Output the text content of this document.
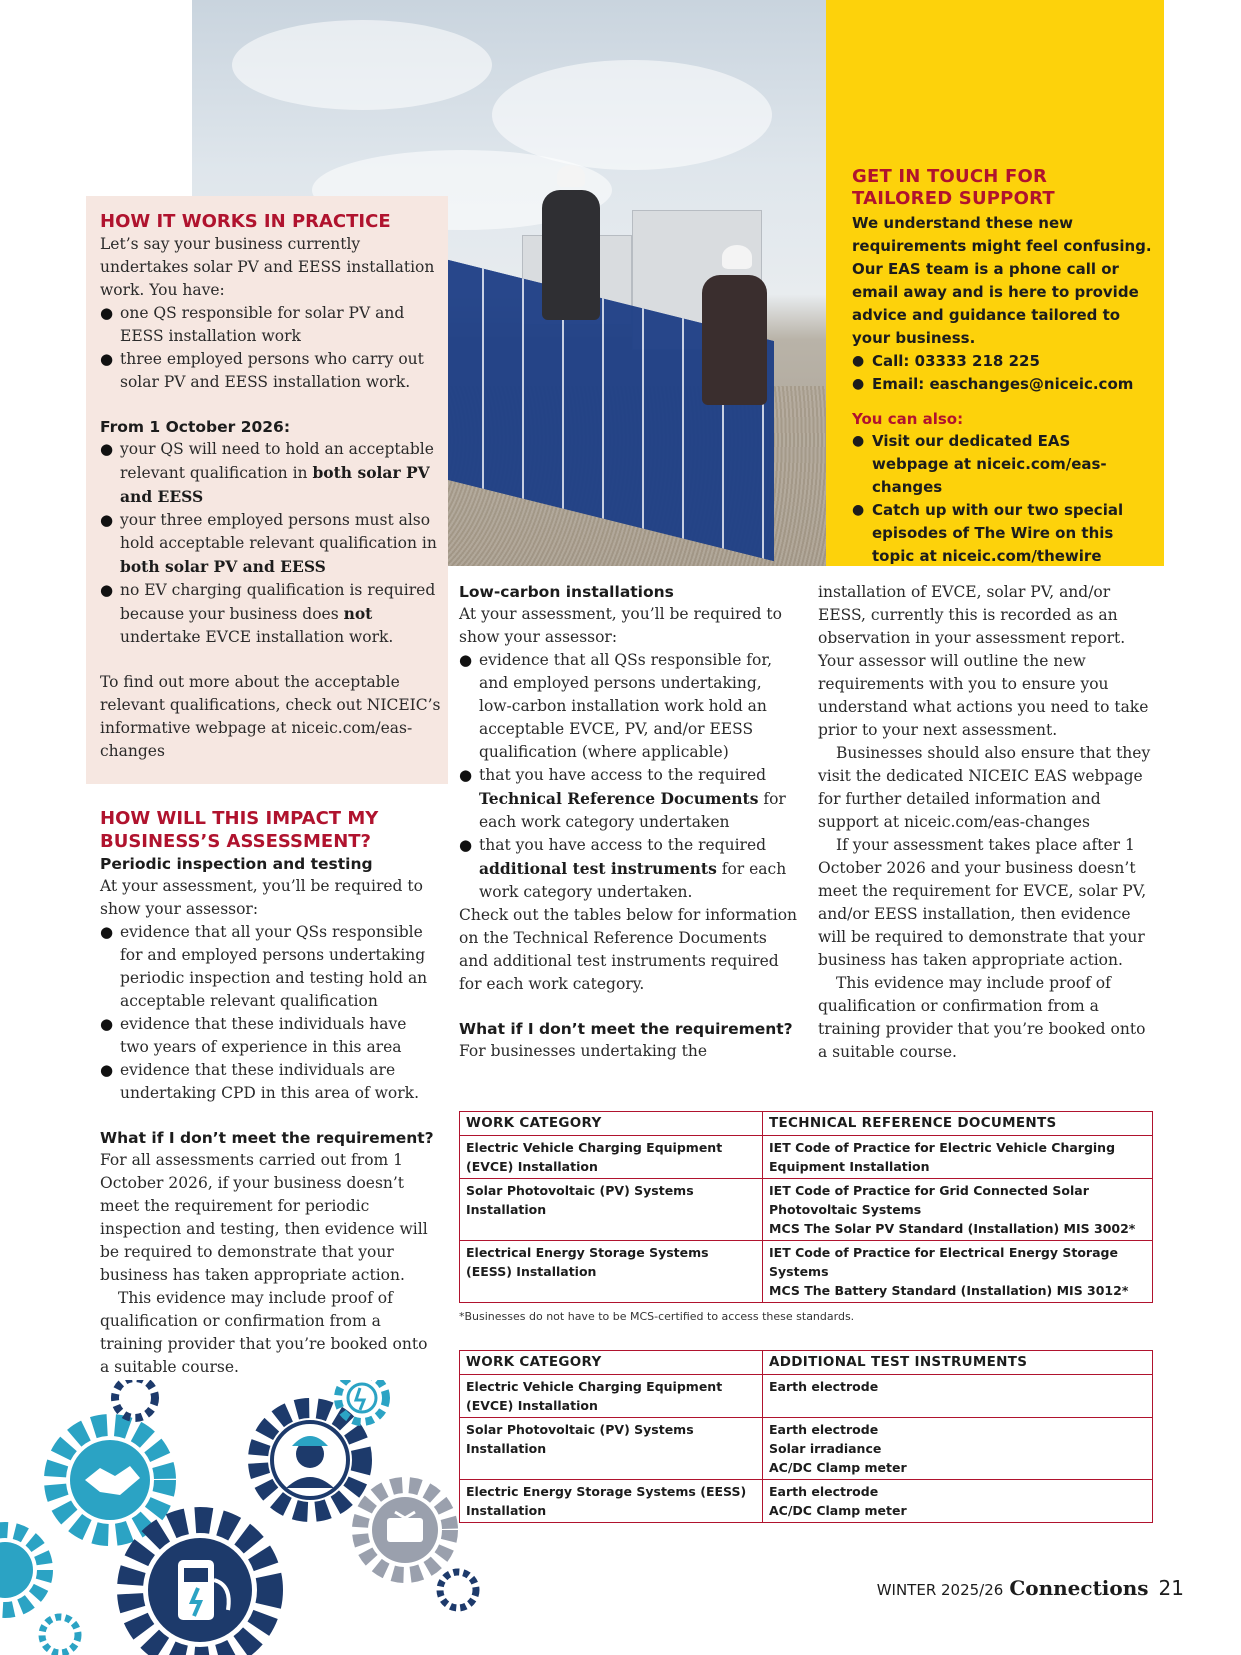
GET IN TOUCH FOR TAILORED SUPPORT
We understand these new requirements might feel confusing. Our EAS team is a phone call or email away and is here to provide advice and guidance tailored to your business.
● Call: 03333 218 225
● Email: easchanges@niceic.com
You can also:
● Visit our dedicated EAS webpage at niceic.com/eas-changes
● Catch up with our two special episodes of The Wire on this topic at niceic.com/thewire
HOW IT WORKS IN PRACTICE

Let’s say your business currently undertakes solar PV and EESS installation work. You have:

● one QS responsible for solar PV and EESS installation work
● three employed persons who carry out solar PV and EESS installation work.
From 1 October 2026:
● your QS will need to hold an acceptable relevant qualification in both solar PV and EESS
● your three employed persons must also hold acceptable relevant qualification in both solar PV and EESS
● no EV charging qualification is required because your business does not undertake EVCE installation work.

To find out more about the acceptable relevant qualifications, check out NICEIC’s informative webpage at niceic.com/eas-changes

HOW WILL THIS IMPACT MY BUSINESS’S ASSESSMENT?
Periodic inspection and testing

At your assessment, you’ll be required to show your assessor:

● evidence that all your QSs responsible for and employed persons undertaking periodic inspection and testing hold an acceptable relevant qualification
● evidence that these individuals have two years of experience in this area
● evidence that these individuals are undertaking CPD in this area of work.
What if I don’t meet the requirement?

For all assessments carried out from 1 October 2026, if your business doesn’t meet the requirement for periodic inspection and testing, then evidence will be required to demonstrate that your business has taken appropriate action.

This evidence may include proof of qualification or confirmation from a training provider that you’re booked onto a suitable course.

Low-carbon installations

At your assessment, you’ll be required to show your assessor:

● evidence that all QSs responsible for, and employed persons undertaking, low-carbon installation work hold an acceptable EVCE, PV, and/or EESS qualification (where applicable)
● that you have access to the required Technical Reference Documents for each work category undertaken
● that you have access to the required additional test instruments for each work category undertaken.

Check out the tables below for information on the Technical Reference Documents and additional test instruments required for each work category.

What if I don’t meet the requirement?

For businesses undertaking the

installation of EVCE, solar PV, and/or EESS, currently this is recorded as an observation in your assessment report. Your assessor will outline the new requirements with you to ensure you understand what actions you need to take prior to your next assessment.

Businesses should also ensure that they visit the dedicated NICEIC EAS webpage for further detailed information and support at niceic.com/eas-changes

If your assessment takes place after 1 October 2026 and your business doesn’t meet the requirement for EVCE, solar PV, and/or EESS installation, then evidence will be required to demonstrate that your business has taken appropriate action.

This evidence may include proof of qualification or confirmation from a training provider that you’re booked onto a suitable course.

WORK CATEGORY	TECHNICAL REFERENCE DOCUMENTS
Electric Vehicle Charging Equipment (EVCE) Installation	IET Code of Practice for Electric Vehicle Charging Equipment Installation

Solar Photovoltaic (PV) Systems Installation	IET Code of Practice for Grid Connected Solar Photovoltaic Systems
MCS The Solar PV Standard (Installation) MIS 3002*

Electrical Energy Storage Systems (EESS) Installation	IET Code of Practice for Electrical Energy Storage Systems
MCS The Battery Standard (Installation) MIS 3012*
*Businesses do not have to be MCS-certified to access these standards.
WORK CATEGORY	ADDITIONAL TEST INSTRUMENTS
Electric Vehicle Charging Equipment (EVCE) Installation	Earth electrode

Solar Photovoltaic (PV) Systems Installation	Earth electrode
Solar irradiance
AC/DC Clamp meter

Electric Energy Storage Systems (EESS) Installation	Earth electrode
AC/DC Clamp meter
WINTER 2025/26 Connections 21
